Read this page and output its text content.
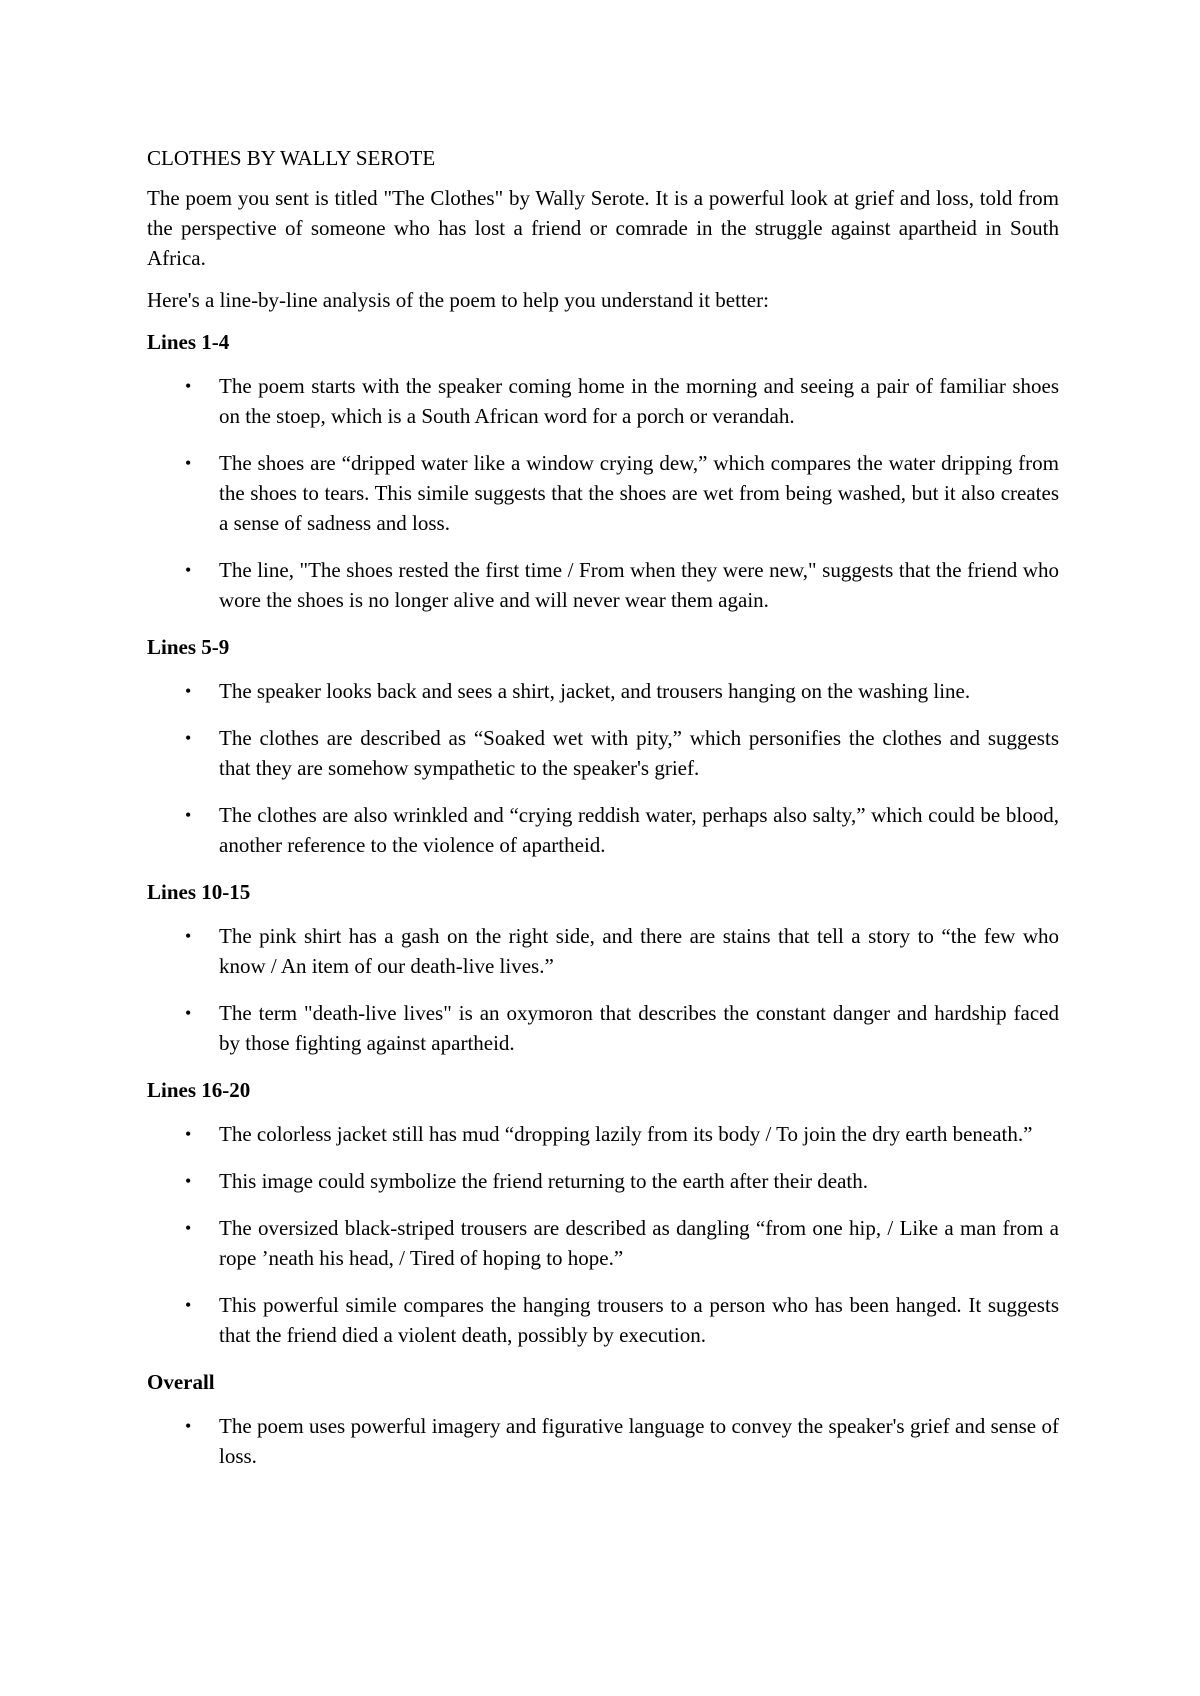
CLOTHES BY WALLY SEROTE

The poem you sent is titled "The Clothes" by Wally Serote. It is a powerful look at grief and loss, told from the perspective of someone who has lost a friend or comrade in the struggle against apartheid in South Africa.

Here's a line-by-line analysis of the poem to help you understand it better:

Lines 1-4
• The poem starts with the speaker coming home in the morning and seeing a pair of familiar shoes on the stoep, which is a South African word for a porch or verandah.
• The shoes are “dripped water like a window crying dew,” which compares the water dripping from the shoes to tears. This simile suggests that the shoes are wet from being washed, but it also creates a sense of sadness and loss.
• The line, "The shoes rested the first time / From when they were new," suggests that the friend who wore the shoes is no longer alive and will never wear them again.
Lines 5-9
• The speaker looks back and sees a shirt, jacket, and trousers hanging on the washing line.
• The clothes are described as “Soaked wet with pity,” which personifies the clothes and suggests that they are somehow sympathetic to the speaker's grief.
• The clothes are also wrinkled and “crying reddish water, perhaps also salty,” which could be blood, another reference to the violence of apartheid.
Lines 10-15
• The pink shirt has a gash on the right side, and there are stains that tell a story to “the few who know / An item of our death-live lives.”
• The term "death-live lives" is an oxymoron that describes the constant danger and hardship faced by those fighting against apartheid.
Lines 16-20
• The colorless jacket still has mud “dropping lazily from its body / To join the dry earth beneath.”
• This image could symbolize the friend returning to the earth after their death.
• The oversized black-striped trousers are described as dangling “from one hip, / Like a man from a rope ’neath his head, / Tired of hoping to hope.”
• This powerful simile compares the hanging trousers to a person who has been hanged. It suggests that the friend died a violent death, possibly by execution.
Overall
• The poem uses powerful imagery and figurative language to convey the speaker's grief and sense of loss.
